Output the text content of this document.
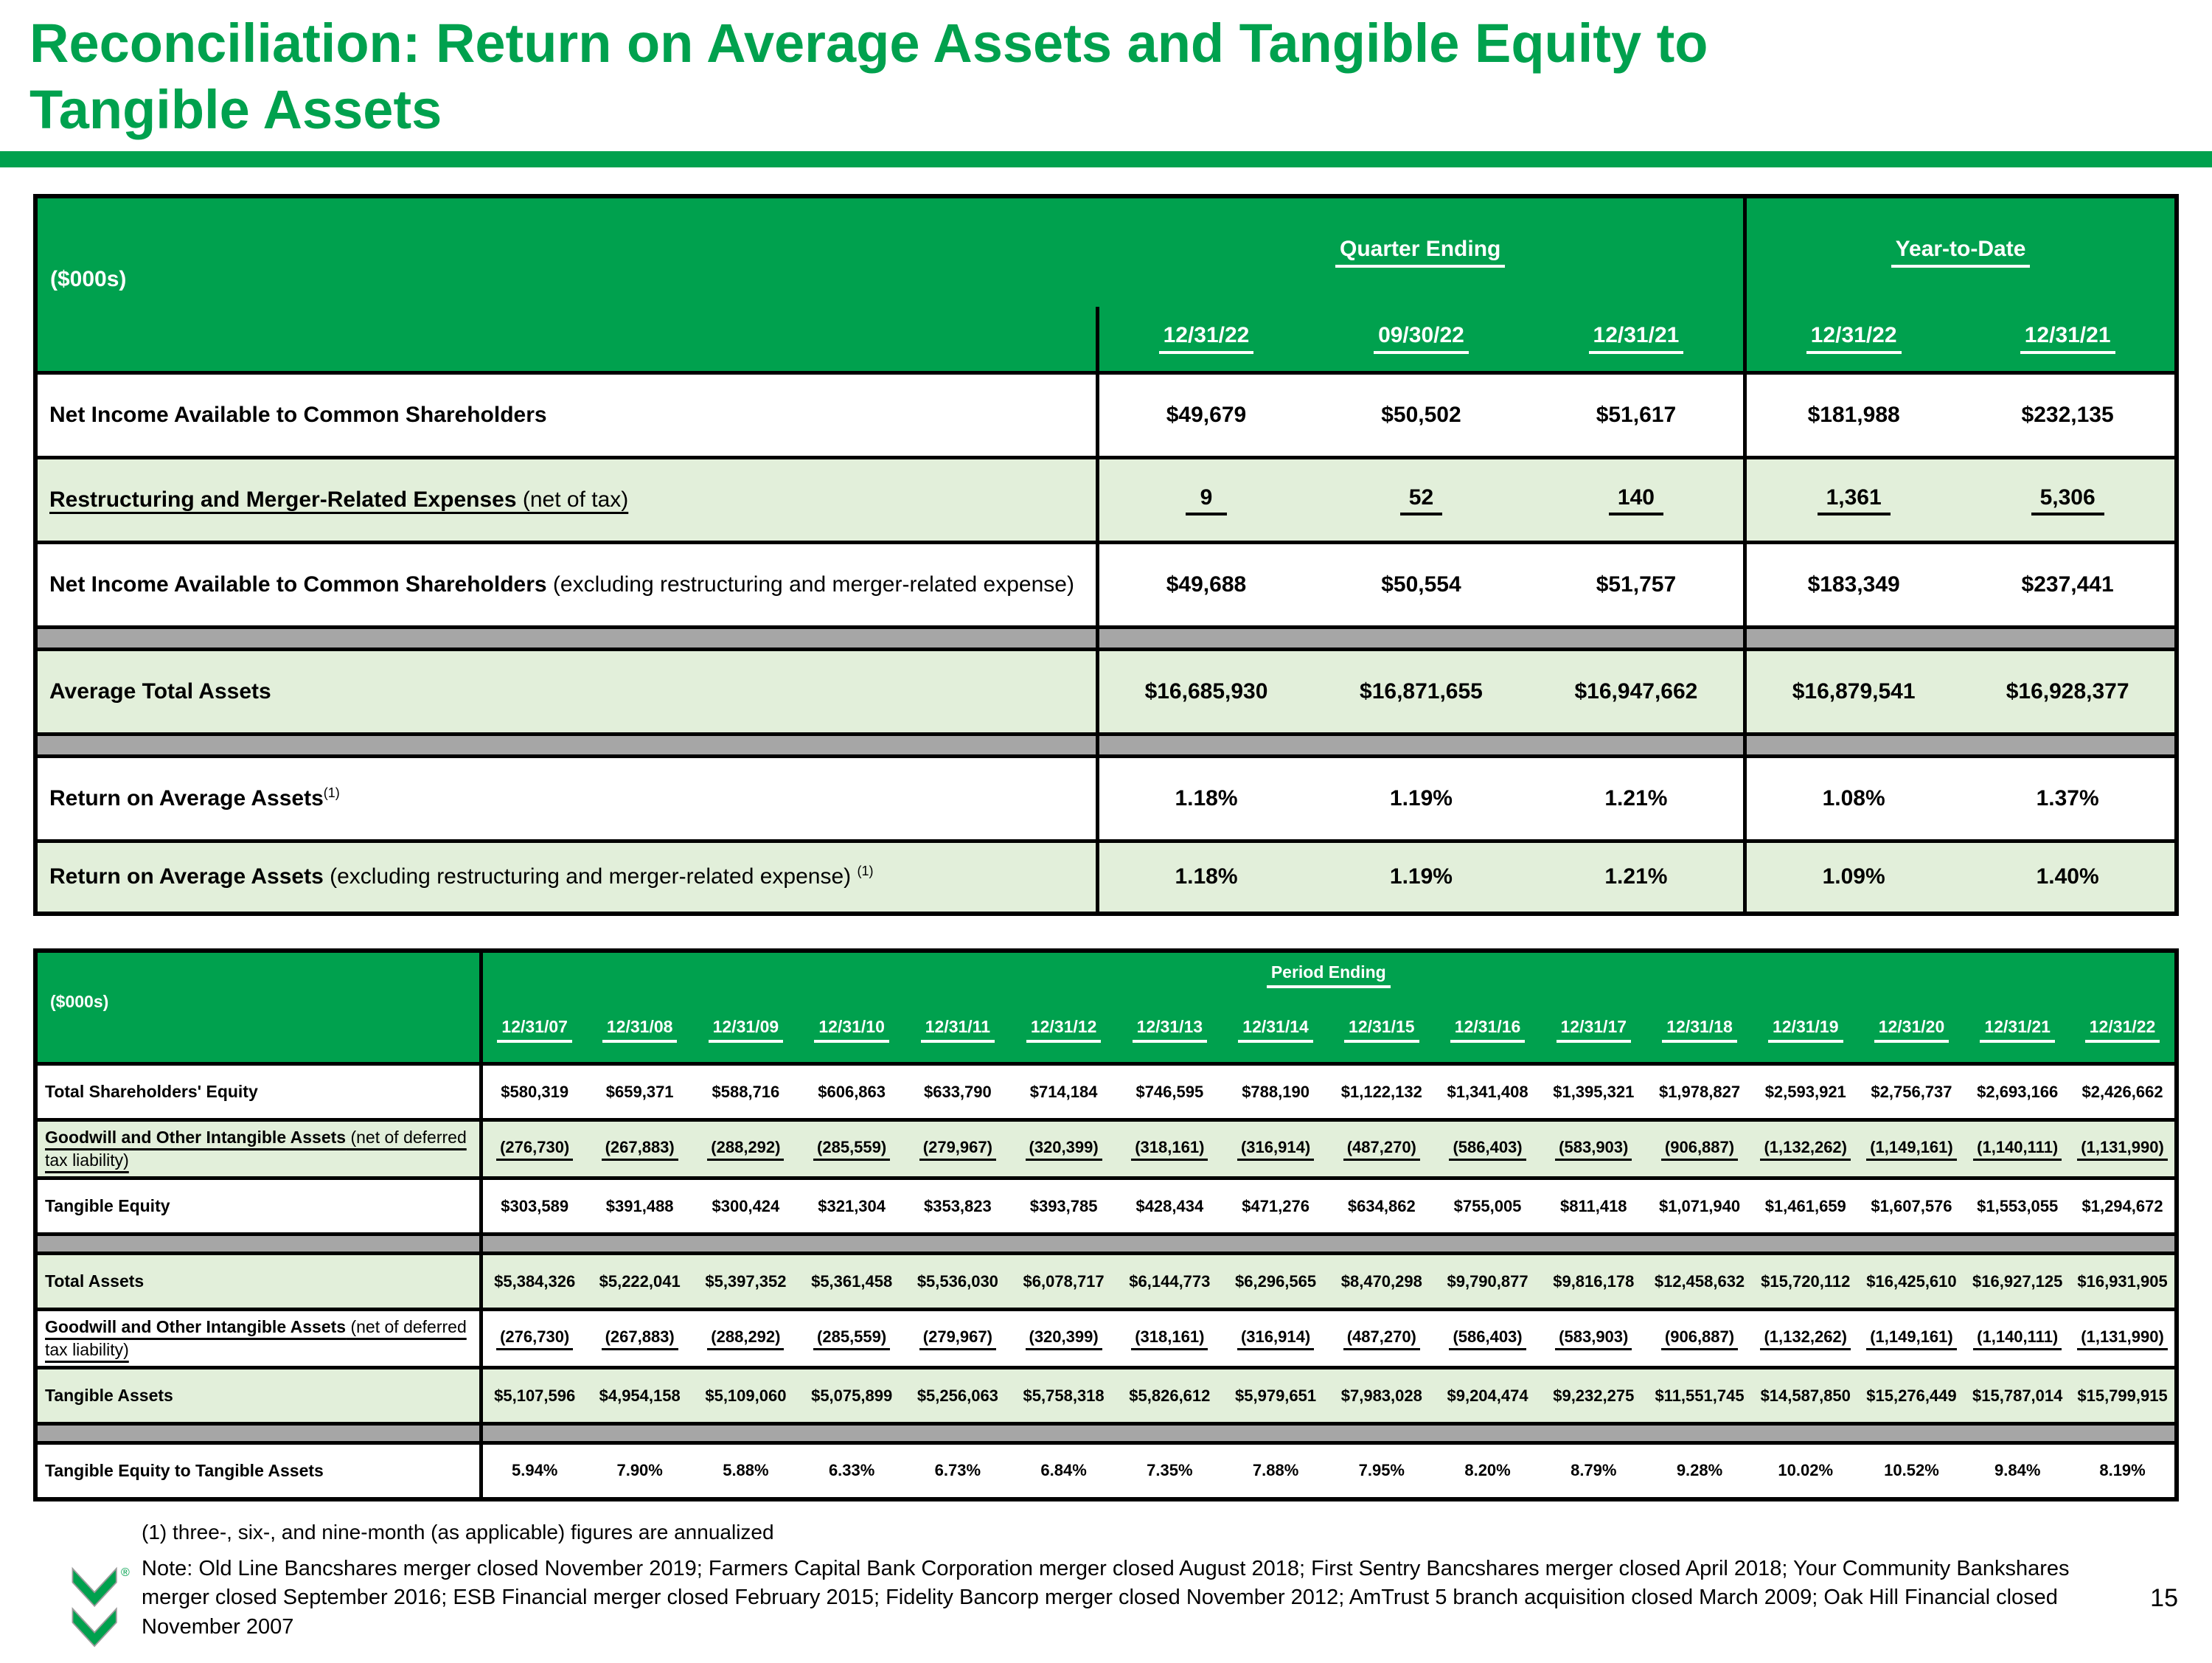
Reconciliation: Return on Average Assets and Tangible Equity to
Tangible Assets
($000s)	Quarter Ending			Year-to-Date	
	12/31/22	09/30/22	12/31/21	12/31/22	12/31/21
Net Income Available to Common Shareholders	$49,679	$50,502	$51,617	$181,988	$232,135
Restructuring and Merger-Related Expenses (net of tax)	9	52	140	1,361	5,306
Net Income Available to Common Shareholders (excluding restructuring and merger-related expense)	$49,688	$50,554	$51,757	$183,349	$237,441

Average Total Assets	$16,685,930	$16,871,655	$16,947,662	$16,879,541	$16,928,377

Return on Average Assets$^{(1)}$	1.18%	1.19%	1.21%	1.08%	1.37%
Return on Average Assets (excluding restructuring and merger-related expense) $^{(1)}$	1.18%	1.19%	1.21%	1.09%	1.40%
($000s)	Period Ending															
	12/31/07	12/31/08	12/31/09	12/31/10	12/31/11	12/31/12	12/31/13	12/31/14	12/31/15	12/31/16	12/31/17	12/31/18	12/31/19	12/31/20	12/31/21	12/31/22
Total Shareholders' Equity	$580,319	$659,371	$588,716	$606,863	$633,790	$714,184	$746,595	$788,190	$1,122,132	$1,341,408	$1,395,321	$1,978,827	$2,593,921	$2,756,737	$2,693,166	$2,426,662
Goodwill and Other Intangible Assets (net of deferred tax liability)	(276,730)	(267,883)	(288,292)	(285,559)	(279,967)	(320,399)	(318,161)	(316,914)	(487,270)	(586,403)	(583,903)	(906,887)	(1,132,262)	(1,149,161)	(1,140,111)	(1,131,990)
Tangible Equity	$303,589	$391,488	$300,424	$321,304	$353,823	$393,785	$428,434	$471,276	$634,862	$755,005	$811,418	$1,071,940	$1,461,659	$1,607,576	$1,553,055	$1,294,672

Total Assets	$5,384,326	$5,222,041	$5,397,352	$5,361,458	$5,536,030	$6,078,717	$6,144,773	$6,296,565	$8,470,298	$9,790,877	$9,816,178	$12,458,632	$15,720,112	$16,425,610	$16,927,125	$16,931,905
Goodwill and Other Intangible Assets (net of deferred tax liability)	(276,730)	(267,883)	(288,292)	(285,559)	(279,967)	(320,399)	(318,161)	(316,914)	(487,270)	(586,403)	(583,903)	(906,887)	(1,132,262)	(1,149,161)	(1,140,111)	(1,131,990)
Tangible Assets	$5,107,596	$4,954,158	$5,109,060	$5,075,899	$5,256,063	$5,758,318	$5,826,612	$5,979,651	$7,983,028	$9,204,474	$9,232,275	$11,551,745	$14,587,850	$15,276,449	$15,787,014	$15,799,915

Tangible Equity to Tangible Assets	5.94%	7.90%	5.88%	6.33%	6.73%	6.84%	7.35%	7.88%	7.95%	8.20%	8.79%	9.28%	10.02%	10.52%	9.84%	8.19%
(1) three-, six-, and nine-month (as applicable) figures are annualized
® Note: Old Line Bancshares merger closed November 2019; Farmers Capital Bank Corporation merger closed August 2018; First Sentry Bancshares merger closed April 2018; Your Community Bankshares merger closed September 2016; ESB Financial merger closed February 2015; Fidelity Bancorp merger closed November 2012; AmTrust 5 branch acquisition closed March 2009; Oak Hill Financial closed November 2007
15
